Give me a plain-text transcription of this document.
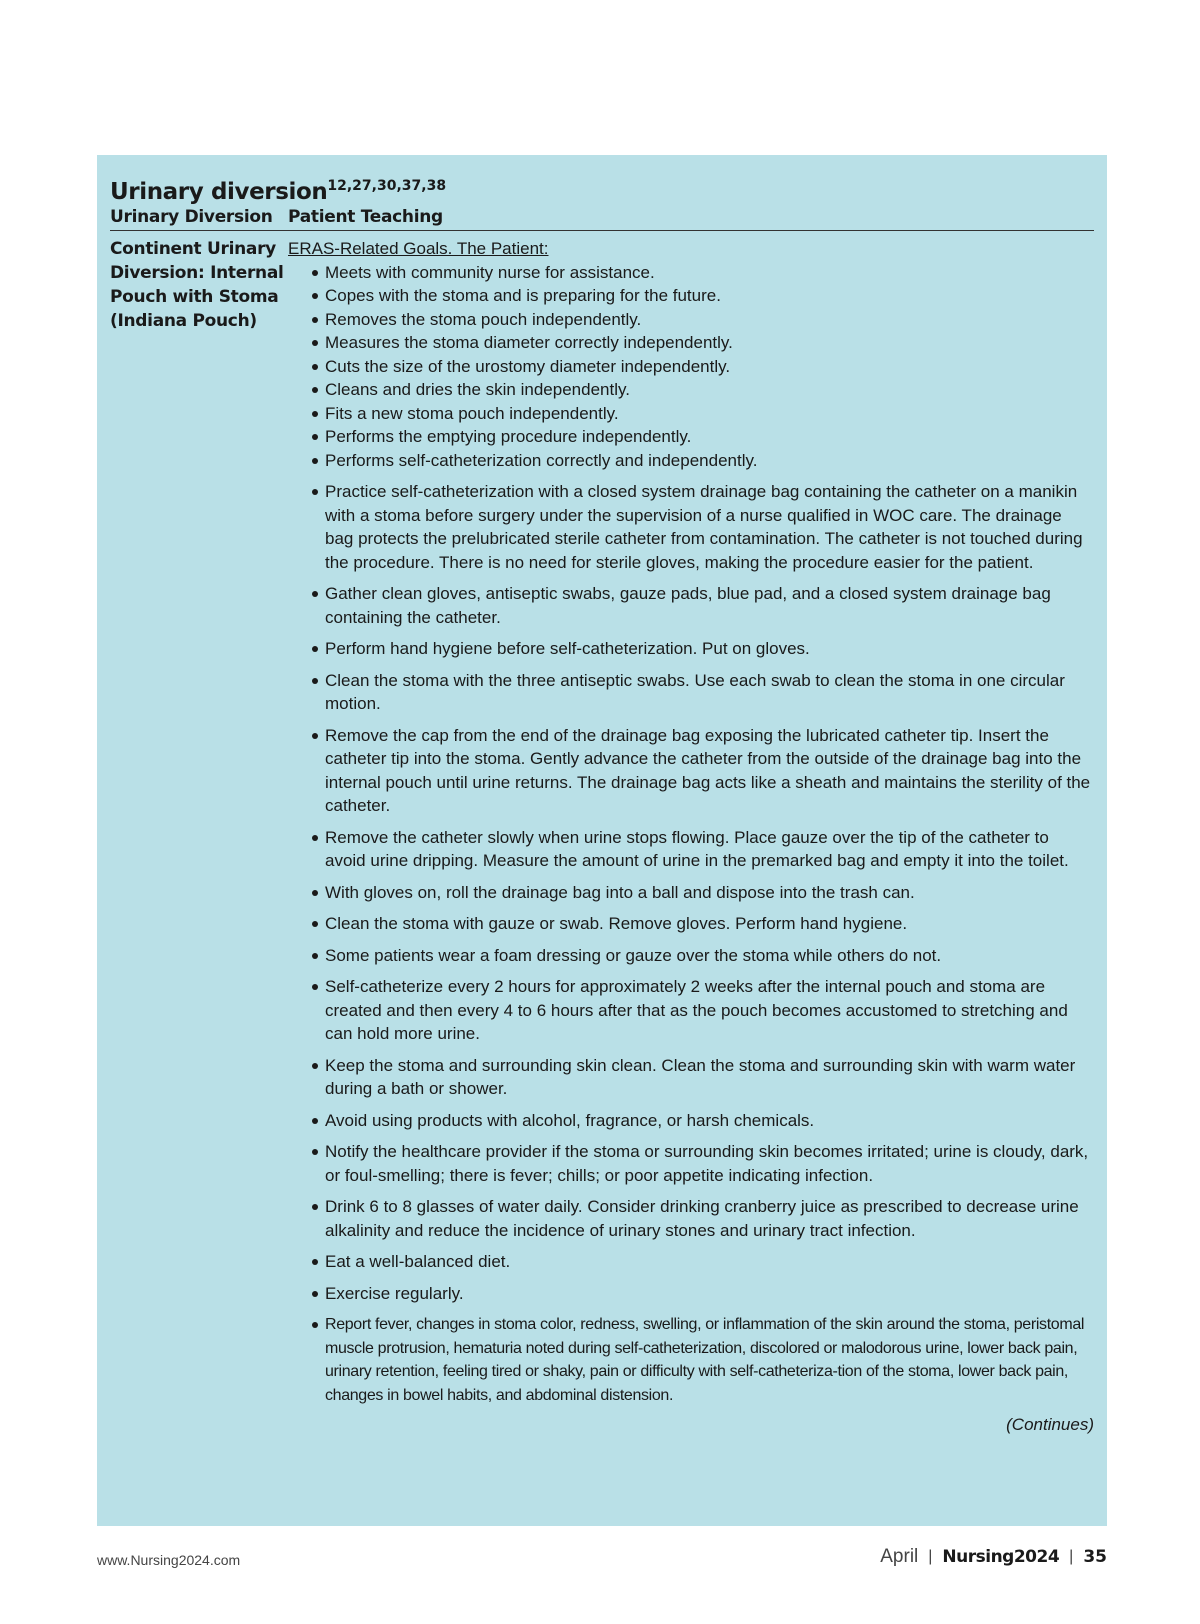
Urinary diversion$^{12,27,30,37,38}$
Urinary Diversion Patient Teaching
Continent Urinary
Diversion: Internal
Pouch with Stoma
(Indiana Pouch)
ERAS-Related Goals. The Patient:
Meets with community nurse for assistance.
Copes with the stoma and is preparing for the future.
Removes the stoma pouch independently.
Measures the stoma diameter correctly independently.
Cuts the size of the urostomy diameter independently.
Cleans and dries the skin independently.
Fits a new stoma pouch independently.
Performs the emptying procedure independently.
Performs self-catheterization correctly and independently.
Practice self-catheterization with a closed system drainage bag containing the catheter on a manikin with a stoma before surgery under the supervision of a nurse qualified in WOC care. The drainage bag protects the prelubricated sterile catheter from contamination. The catheter is not touched during the procedure. There is no need for sterile gloves, making the procedure easier for the patient.
Gather clean gloves, antiseptic swabs, gauze pads, blue pad, and a closed system drainage bag containing the catheter.
Perform hand hygiene before self-catheterization. Put on gloves.
Clean the stoma with the three antiseptic swabs. Use each swab to clean the stoma in one circular motion.
Remove the cap from the end of the drainage bag exposing the lubricated catheter tip. Insert the catheter tip into the stoma. Gently advance the catheter from the outside of the drainage bag into the internal pouch until urine returns. The drainage bag acts like a sheath and maintains the sterility of the catheter.
Remove the catheter slowly when urine stops flowing. Place gauze over the tip of the catheter to avoid urine dripping. Measure the amount of urine in the premarked bag and empty it into the toilet.
With gloves on, roll the drainage bag into a ball and dispose into the trash can.
Clean the stoma with gauze or swab. Remove gloves. Perform hand hygiene.
Some patients wear a foam dressing or gauze over the stoma while others do not.
Self-catheterize every 2 hours for approximately 2 weeks after the internal pouch and stoma are created and then every 4 to 6 hours after that as the pouch becomes accustomed to stretching and can hold more urine.
Keep the stoma and surrounding skin clean. Clean the stoma and surrounding skin with warm water during a bath or shower.
Avoid using products with alcohol, fragrance, or harsh chemicals.
Notify the healthcare provider if the stoma or surrounding skin becomes irritated; urine is cloudy, dark, or foul-smelling; there is fever; chills; or poor appetite indicating infection.
Drink 6 to 8 glasses of water daily. Consider drinking cranberry juice as prescribed to decrease urine alkalinity and reduce the incidence of urinary stones and urinary tract infection.
Eat a well-balanced diet.
Exercise regularly.
Report fever, changes in stoma color, redness, swelling, or inflammation of the skin around the stoma, peristomal muscle protrusion, hematuria noted during self-catheterization, discolored or malodorous urine, lower back pain, urinary retention, feeling tired or shaky, pain or difficulty with self-catheteriza-tion of the stoma, lower back pain, changes in bowel habits, and abdominal distension.
(Continues)
www.Nursing2024.com	April | Nursing2024 | 35
